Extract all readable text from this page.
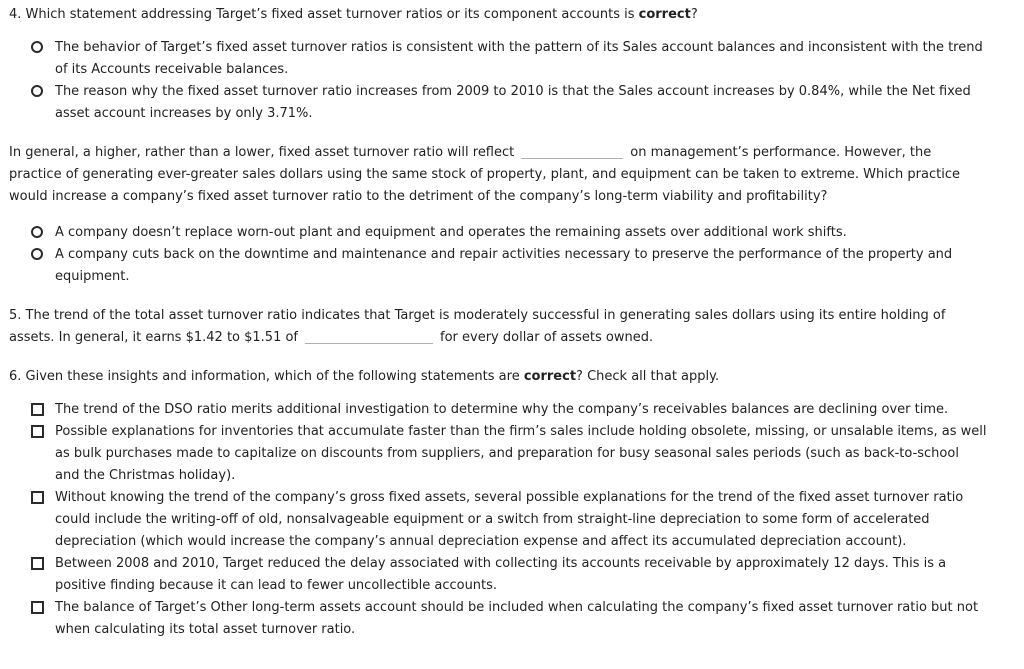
4. Which statement addressing Target’s fixed asset turnover ratios or its component accounts is correct?

The behavior of Target’s fixed asset turnover ratios is consistent with the pattern of its Sales account balances and inconsistent with the trend
of its Accounts receivable balances.
The reason why the fixed asset turnover ratio increases from 2009 to 2010 is that the Sales account increases by 0.84%, while the Net fixed
asset account increases by only 3.71%.
In general, a higher, rather than a lower, fixed asset turnover ratio will reflect	on management’s performance. However, the
practice of generating ever-greater sales dollars using the same stock of property, plant, and equipment can be taken to extreme. Which practice
would increase a company’s fixed asset turnover ratio to the detriment of the company’s long-term viability and profitability?
A company doesn’t replace worn-out plant and equipment and operates the remaining assets over additional work shifts.
A company cuts back on the downtime and maintenance and repair activities necessary to preserve the performance of the property and
equipment.
5. The trend of the total asset turnover ratio indicates that Target is moderately successful in generating sales dollars using its entire holding of
assets. In general, it earns $1.42 to $1.51 of	for every dollar of assets owned.

6. Given these insights and information, which of the following statements are correct? Check all that apply.

The trend of the DSO ratio merits additional investigation to determine why the company’s receivables balances are declining over time.
Possible explanations for inventories that accumulate faster than the firm’s sales include holding obsolete, missing, or unsalable items, as well
as bulk purchases made to capitalize on discounts from suppliers, and preparation for busy seasonal sales periods (such as back-to-school
and the Christmas holiday).
Without knowing the trend of the company’s gross fixed assets, several possible explanations for the trend of the fixed asset turnover ratio
could include the writing-off of old, nonsalvageable equipment or a switch from straight-line depreciation to some form of accelerated
depreciation (which would increase the company’s annual depreciation expense and affect its accumulated depreciation account).
Between 2008 and 2010, Target reduced the delay associated with collecting its accounts receivable by approximately 12 days. This is a
positive finding because it can lead to fewer uncollectible accounts.
The balance of Target’s Other long-term assets account should be included when calculating the company’s fixed asset turnover ratio but not
when calculating its total asset turnover ratio.
